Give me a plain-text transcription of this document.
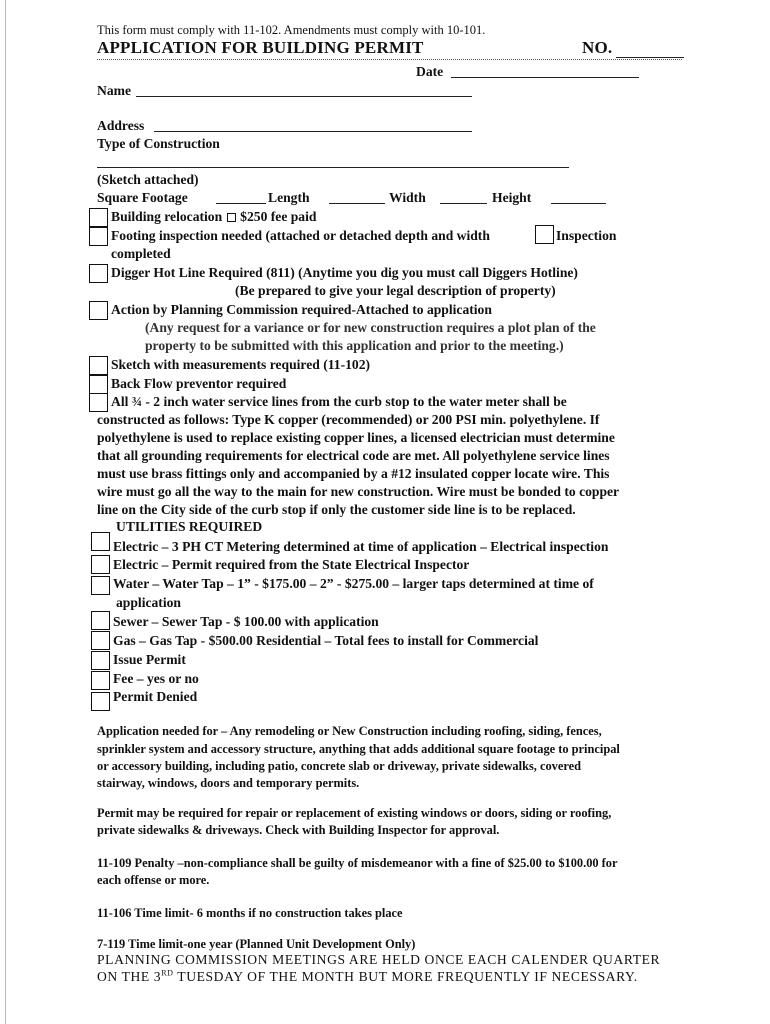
This form must comply with 11-102. Amendments must comply with 10-101.
APPLICATION FOR BUILDING PERMIT	NO.
Date
Name
Address
Type of Construction
(Sketch attached)
Square Footage	Length	Width	Height
Building relocation $250 fee paid
Footing inspection needed (attached or detached depth and width	Inspection
completed
Digger Hot Line Required (811) (Anytime you dig you must call Diggers Hotline)
(Be prepared to give your legal description of property)
Action by Planning Commission required-Attached to application
(Any request for a variance or for new construction requires a plot plan of the
property to be submitted with this application and prior to the meeting.)
Sketch with measurements required (11-102)
Back Flow preventor required
All ¾ - 2 inch water service lines from the curb stop to the water meter shall be
constructed as follows: Type K copper (recommended) or 200 PSI min. polyethylene. If
polyethylene is used to replace existing copper lines, a licensed electrician must determine
that all grounding requirements for electrical code are met. All polyethylene service lines
must use brass fittings only and accompanied by a #12 insulated copper locate wire. This
wire must go all the way to the main for new construction. Wire must be bonded to copper
line on the City side of the curb stop if only the customer side line is to be replaced.
UTILITIES REQUIRED
Electric – 3 PH CT Metering determined at time of application – Electrical inspection
Electric – Permit required from the State Electrical Inspector
Water – Water Tap – 1” - $175.00 – 2” - $275.00 – larger taps determined at time of
application
Sewer – Sewer Tap - $ 100.00 with application
Gas – Gas Tap - $500.00 Residential – Total fees to install for Commercial
Issue Permit
Fee – yes or no
Permit Denied
Application needed for – Any remodeling or New Construction including roofing, siding, fences,
sprinkler system and accessory structure, anything that adds additional square footage to principal
or accessory building, including patio, concrete slab or driveway, private sidewalks, covered
stairway, windows, doors and temporary permits.
Permit may be required for repair or replacement of existing windows or doors, siding or roofing,
private sidewalks & driveways. Check with Building Inspector for approval.
11-109 Penalty –non-compliance shall be guilty of misdemeanor with a fine of $25.00 to $100.00 for
each offense or more.
11-106 Time limit- 6 months if no construction takes place
7-119 Time limit-one year (Planned Unit Development Only)
PLANNING COMMISSION MEETINGS ARE HELD ONCE EACH CALENDER QUARTER
ON THE 3RD TUESDAY OF THE MONTH BUT MORE FREQUENTLY IF NECESSARY.
